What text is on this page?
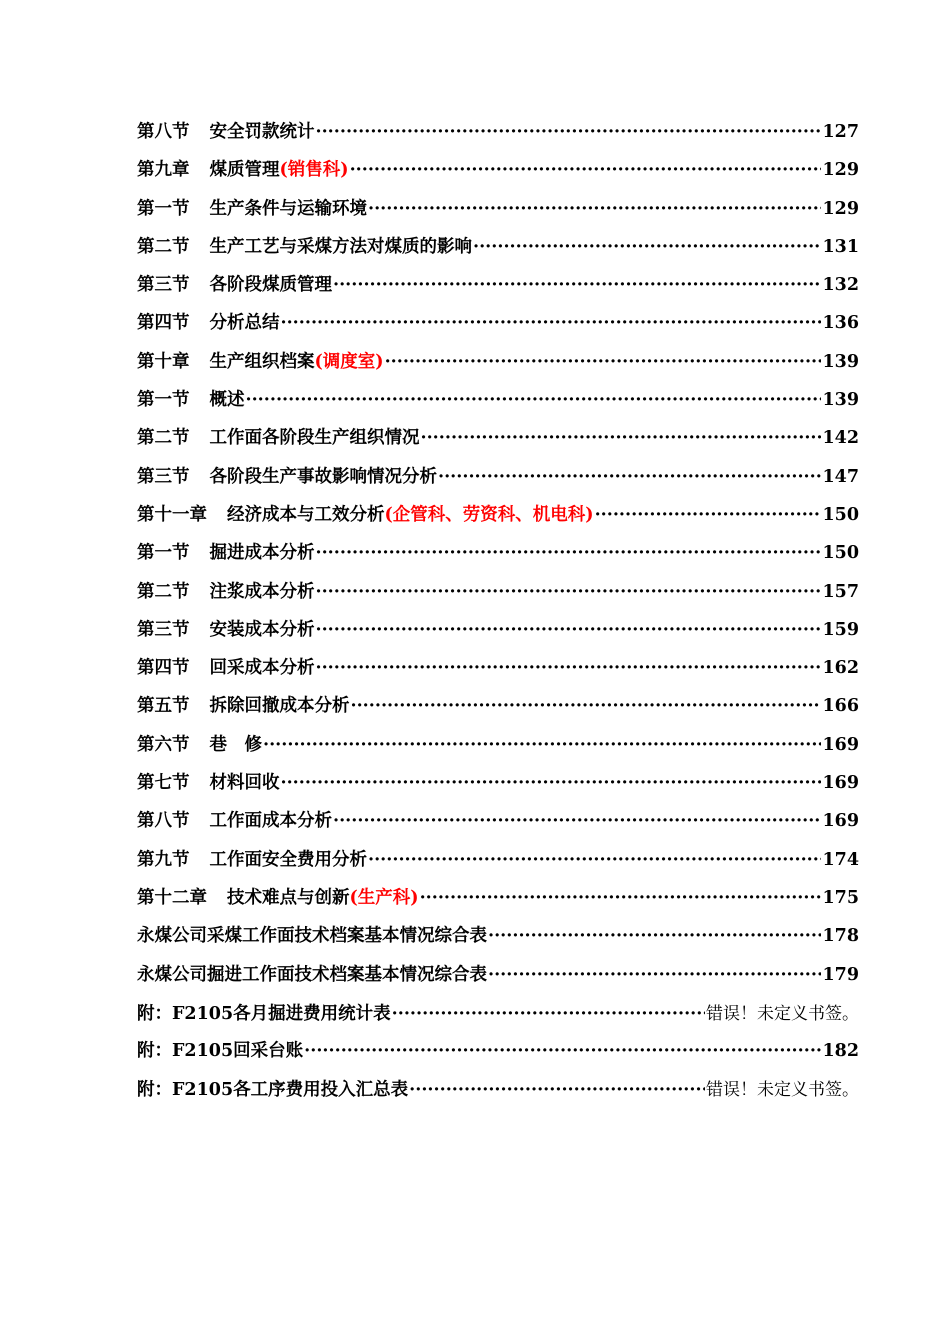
第八节 安全罚款统计 ·····	127
第九章 煤质管理(销售科) ·····	129
第一节 生产条件与运输环境 ·····	129
第二节 生产工艺与采煤方法对煤质的影响 ·····	131
第三节 各阶段煤质管理 ·····	132
第四节 分析总结 ·····	136
第十章 生产组织档案(调度室) ·····	139
第一节 概述 ·····	139
第二节 工作面各阶段生产组织情况 ·····	142
第三节 各阶段生产事故影响情况分析 ·····	147
第十一章 经济成本与工效分析(企管科、劳资科、机电科) ·····	150
第一节 掘进成本分析 ·····	150
第二节 注浆成本分析 ·····	157
第三节 安装成本分析 ·····	159
第四节 回采成本分析 ·····	162
第五节 拆除回撤成本分析 ·····	166
第六节 巷　修 ·····	169
第七节 材料回收 ·····	169
第八节 工作面成本分析 ·····	169
第九节 工作面安全费用分析 ·····	174
第十二章 技术难点与创新(生产科) ·····	175
永煤公司采煤工作面技术档案基本情况综合表 ·····	178
永煤公司掘进工作面技术档案基本情况综合表 ·····	179
附：F2105各月掘进费用统计表 ·····	错误！未定义书签。
附：F2105回采台账 ·····	182
附：F2105各工序费用投入汇总表 ·····	错误！未定义书签。
